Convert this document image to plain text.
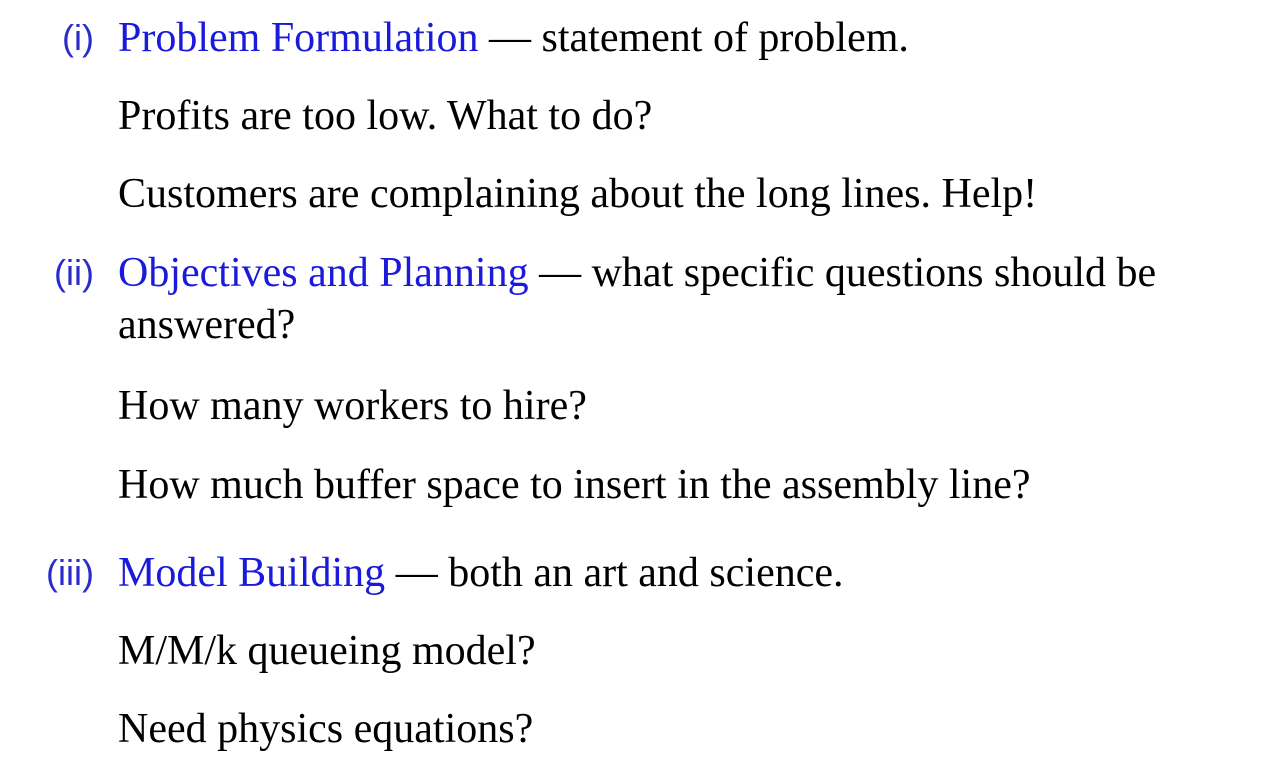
(i) Problem Formulation — statement of problem.
Profits are too low. What to do?
Customers are complaining about the long lines. Help!
(ii) Objectives and Planning — what specific questions should be answered?
How many workers to hire?
How much buffer space to insert in the assembly line?
(iii) Model Building — both an art and science.
M/M/k queueing model?
Need physics equations?
